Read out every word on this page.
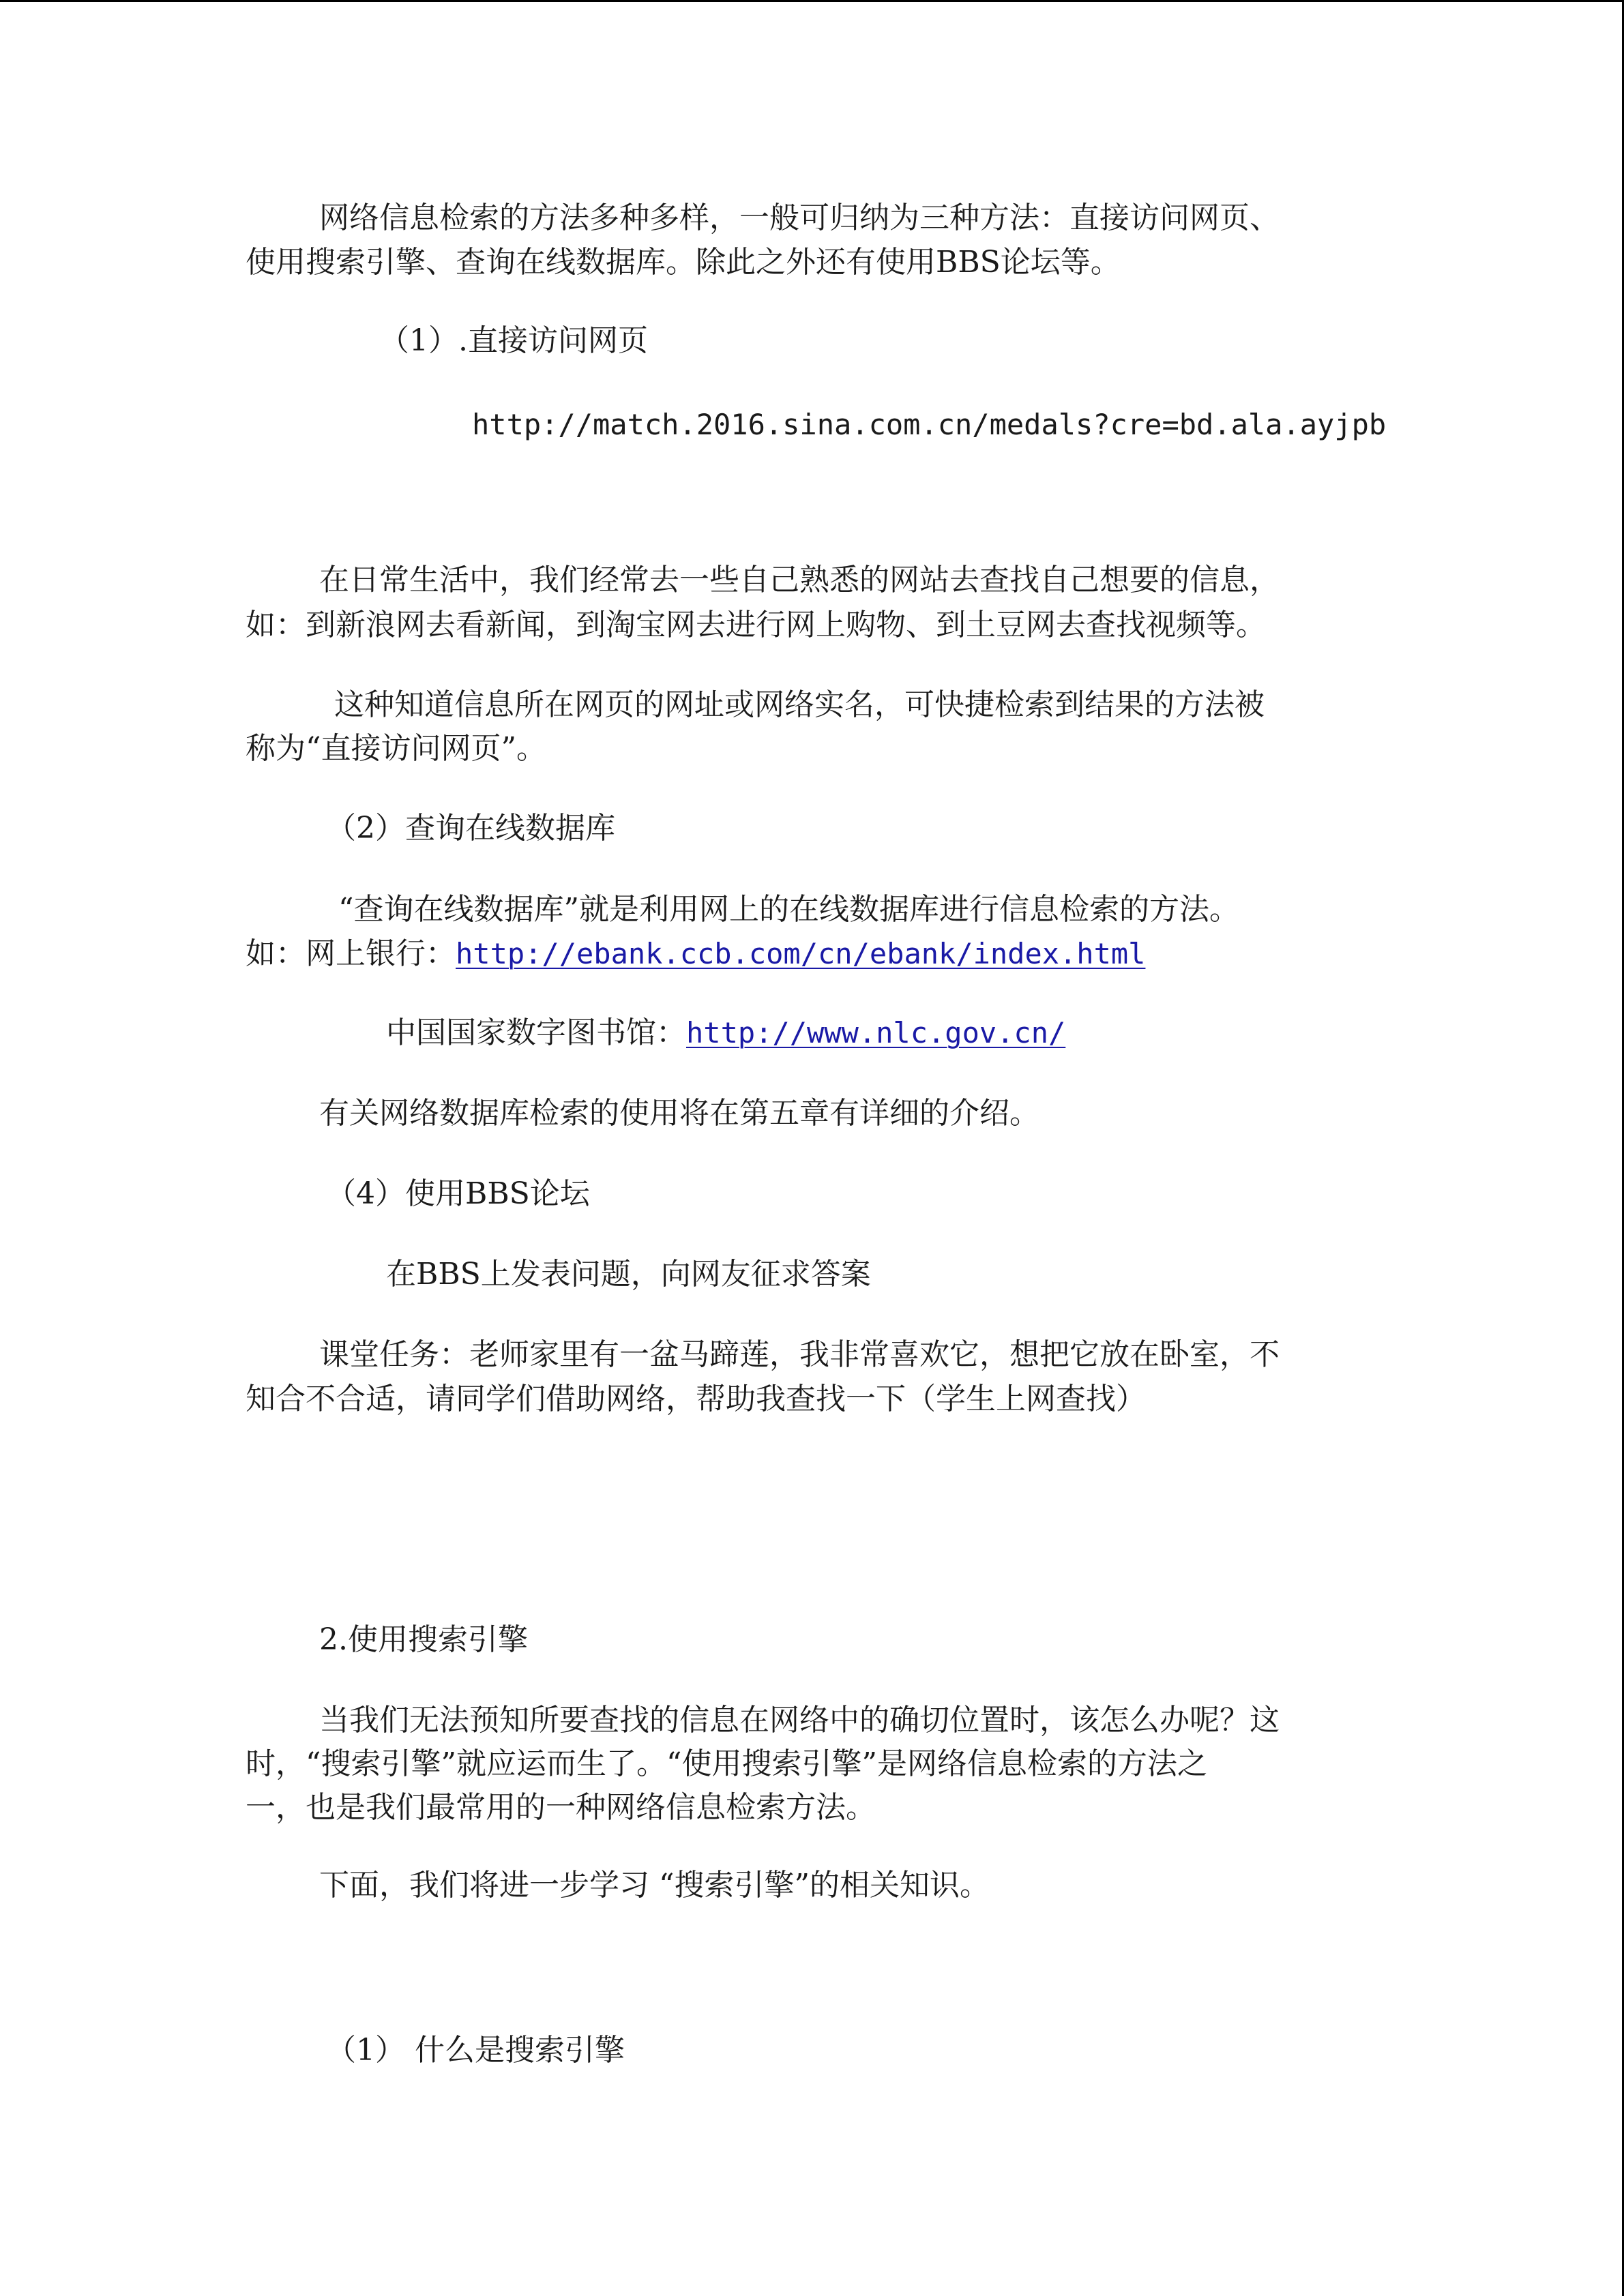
网络信息检索的方法多种多样，一般可归纳为三种方法：直接访问网页、
使用搜索引擎、查询在线数据库。除此之外还有使用BBS论坛等。
（1）.直接访问网页
http://match.2016.sina.com.cn/medals?cre=bd.ala.ayjpb
在日常生活中，我们经常去一些自己熟悉的网站去查找自己想要的信息，
如：到新浪网去看新闻，到淘宝网去进行网上购物、到土豆网去查找视频等。
这种知道信息所在网页的网址或网络实名，可快捷检索到结果的方法被
称为“直接访问网页”。
（2）查询在线数据库
“查询在线数据库”就是利用网上的在线数据库进行信息检索的方法。
如：网上银行：http://ebank.ccb.com/cn/ebank/index.html
中国国家数字图书馆：http://www.nlc.gov.cn/
有关网络数据库检索的使用将在第五章有详细的介绍。
（4）使用BBS论坛
在BBS上发表问题，向网友征求答案
课堂任务：老师家里有一盆马蹄莲，我非常喜欢它，想把它放在卧室，不
知合不合适，请同学们借助网络，帮助我查找一下（学生上网查找）
2.使用搜索引擎
当我们无法预知所要查找的信息在网络中的确切位置时，该怎么办呢？这
时，“搜索引擎”就应运而生了。“使用搜索引擎”是网络信息检索的方法之
一，也是我们最常用的一种网络信息检索方法。
下面，我们将进一步学习 “搜索引擎”的相关知识。
（1） 什么是搜索引擎
